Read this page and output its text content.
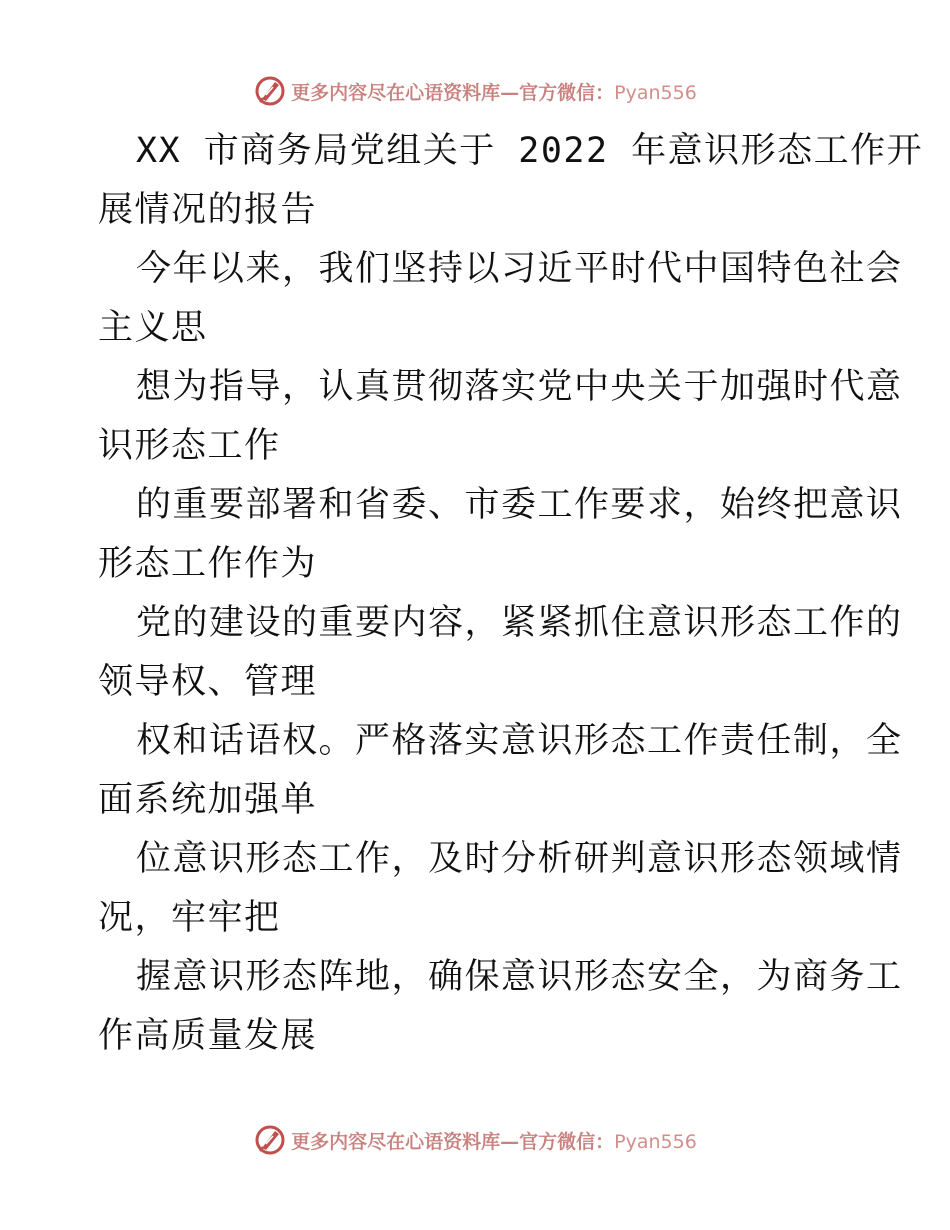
更多内容尽在心语资料库—官方微信：Pyan556
XX 市商务局党组关于 2022 年意识形态工作开
展情况的报告
今年以来，我们坚持以习近平时代中国特色社会
主义思
想为指导，认真贯彻落实党中央关于加强时代意
识形态工作
的重要部署和省委、市委工作要求，始终把意识
形态工作作为
党的建设的重要内容，紧紧抓住意识形态工作的
领导权、管理
权和话语权。严格落实意识形态工作责任制，全
面系统加强单
位意识形态工作，及时分析研判意识形态领域情
况，牢牢把
握意识形态阵地，确保意识形态安全，为商务工
作高质量发展
更多内容尽在心语资料库—官方微信：Pyan556
